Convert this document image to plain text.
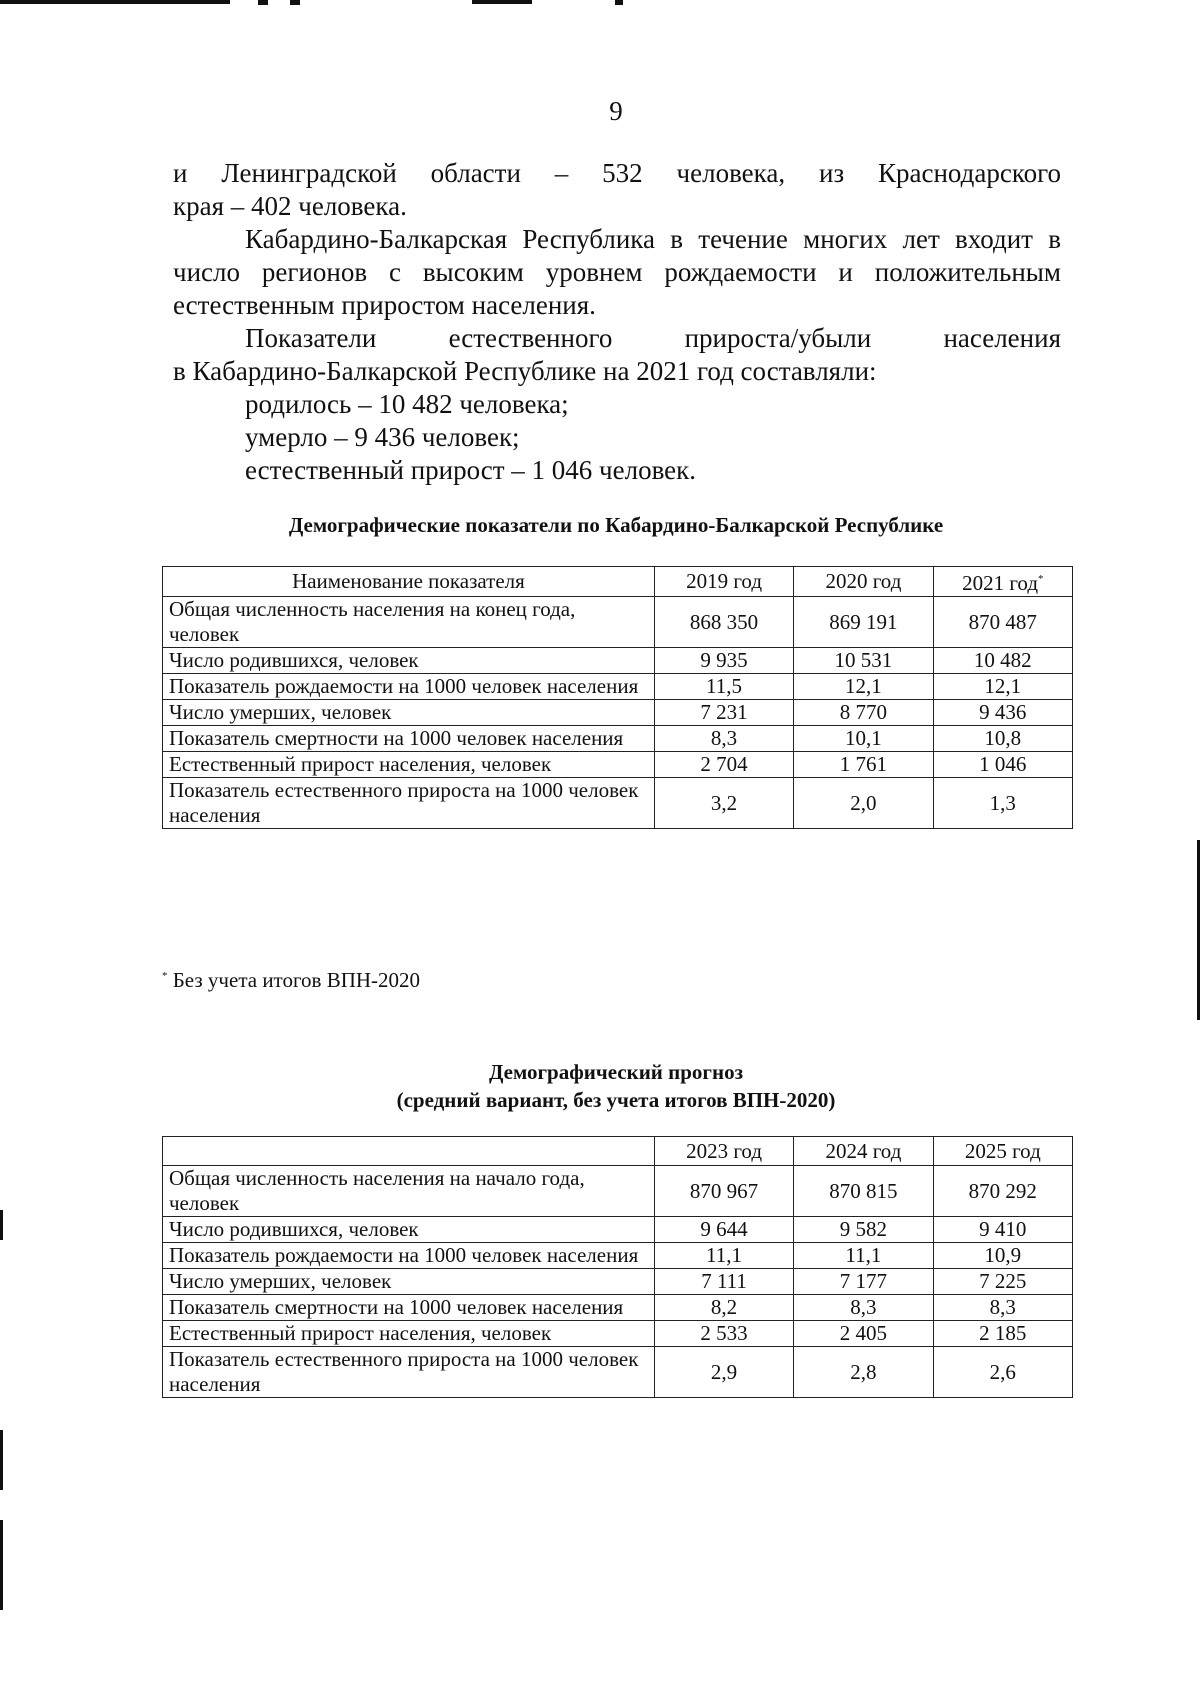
9

и Ленинградской области – 532 человека, из Краснодарского

края – 402 человека.

Кабардино-Балкарская Республика в течение многих лет входит в число регионов с высоким уровнем рождаемости и положительным естественным приростом населения.

Показатели естественного прироста/убыли населения

в Кабардино-Балкарской Республике на 2021 год составляли:

родилось – 10 482 человека;

умерло – 9 436 человек;

естественный прирост – 1 046 человек.

Демографические показатели по Кабардино-Балкарской Республике
Наименование показателя	2019 год	2020 год	2021 год*
Общая численность населения на конец года, человек	868 350	869 191	870 487
Число родившихся, человек	9 935	10 531	10 482
Показатель рождаемости на 1000 человек населения	11,5	12,1	12,1
Число умерших, человек	7 231	8 770	9 436
Показатель смертности на 1000 человек населения	8,3	10,1	10,8
Естественный прирост населения, человек	2 704	1 761	1 046
Показатель естественного прироста на 1000 человек населения	3,2	2,0	1,3
* Без учета итогов ВПН-2020
Демографический прогноз
(средний вариант, без учета итогов ВПН-2020)
	2023 год	2024 год	2025 год
Общая численность населения на начало года, человек	870 967	870 815	870 292
Число родившихся, человек	9 644	9 582	9 410
Показатель рождаемости на 1000 человек населения	11,1	11,1	10,9
Число умерших, человек	7 111	7 177	7 225
Показатель смертности на 1000 человек населения	8,2	8,3	8,3
Естественный прирост населения, человек	2 533	2 405	2 185
Показатель естественного прироста на 1000 человек населения	2,9	2,8	2,6
